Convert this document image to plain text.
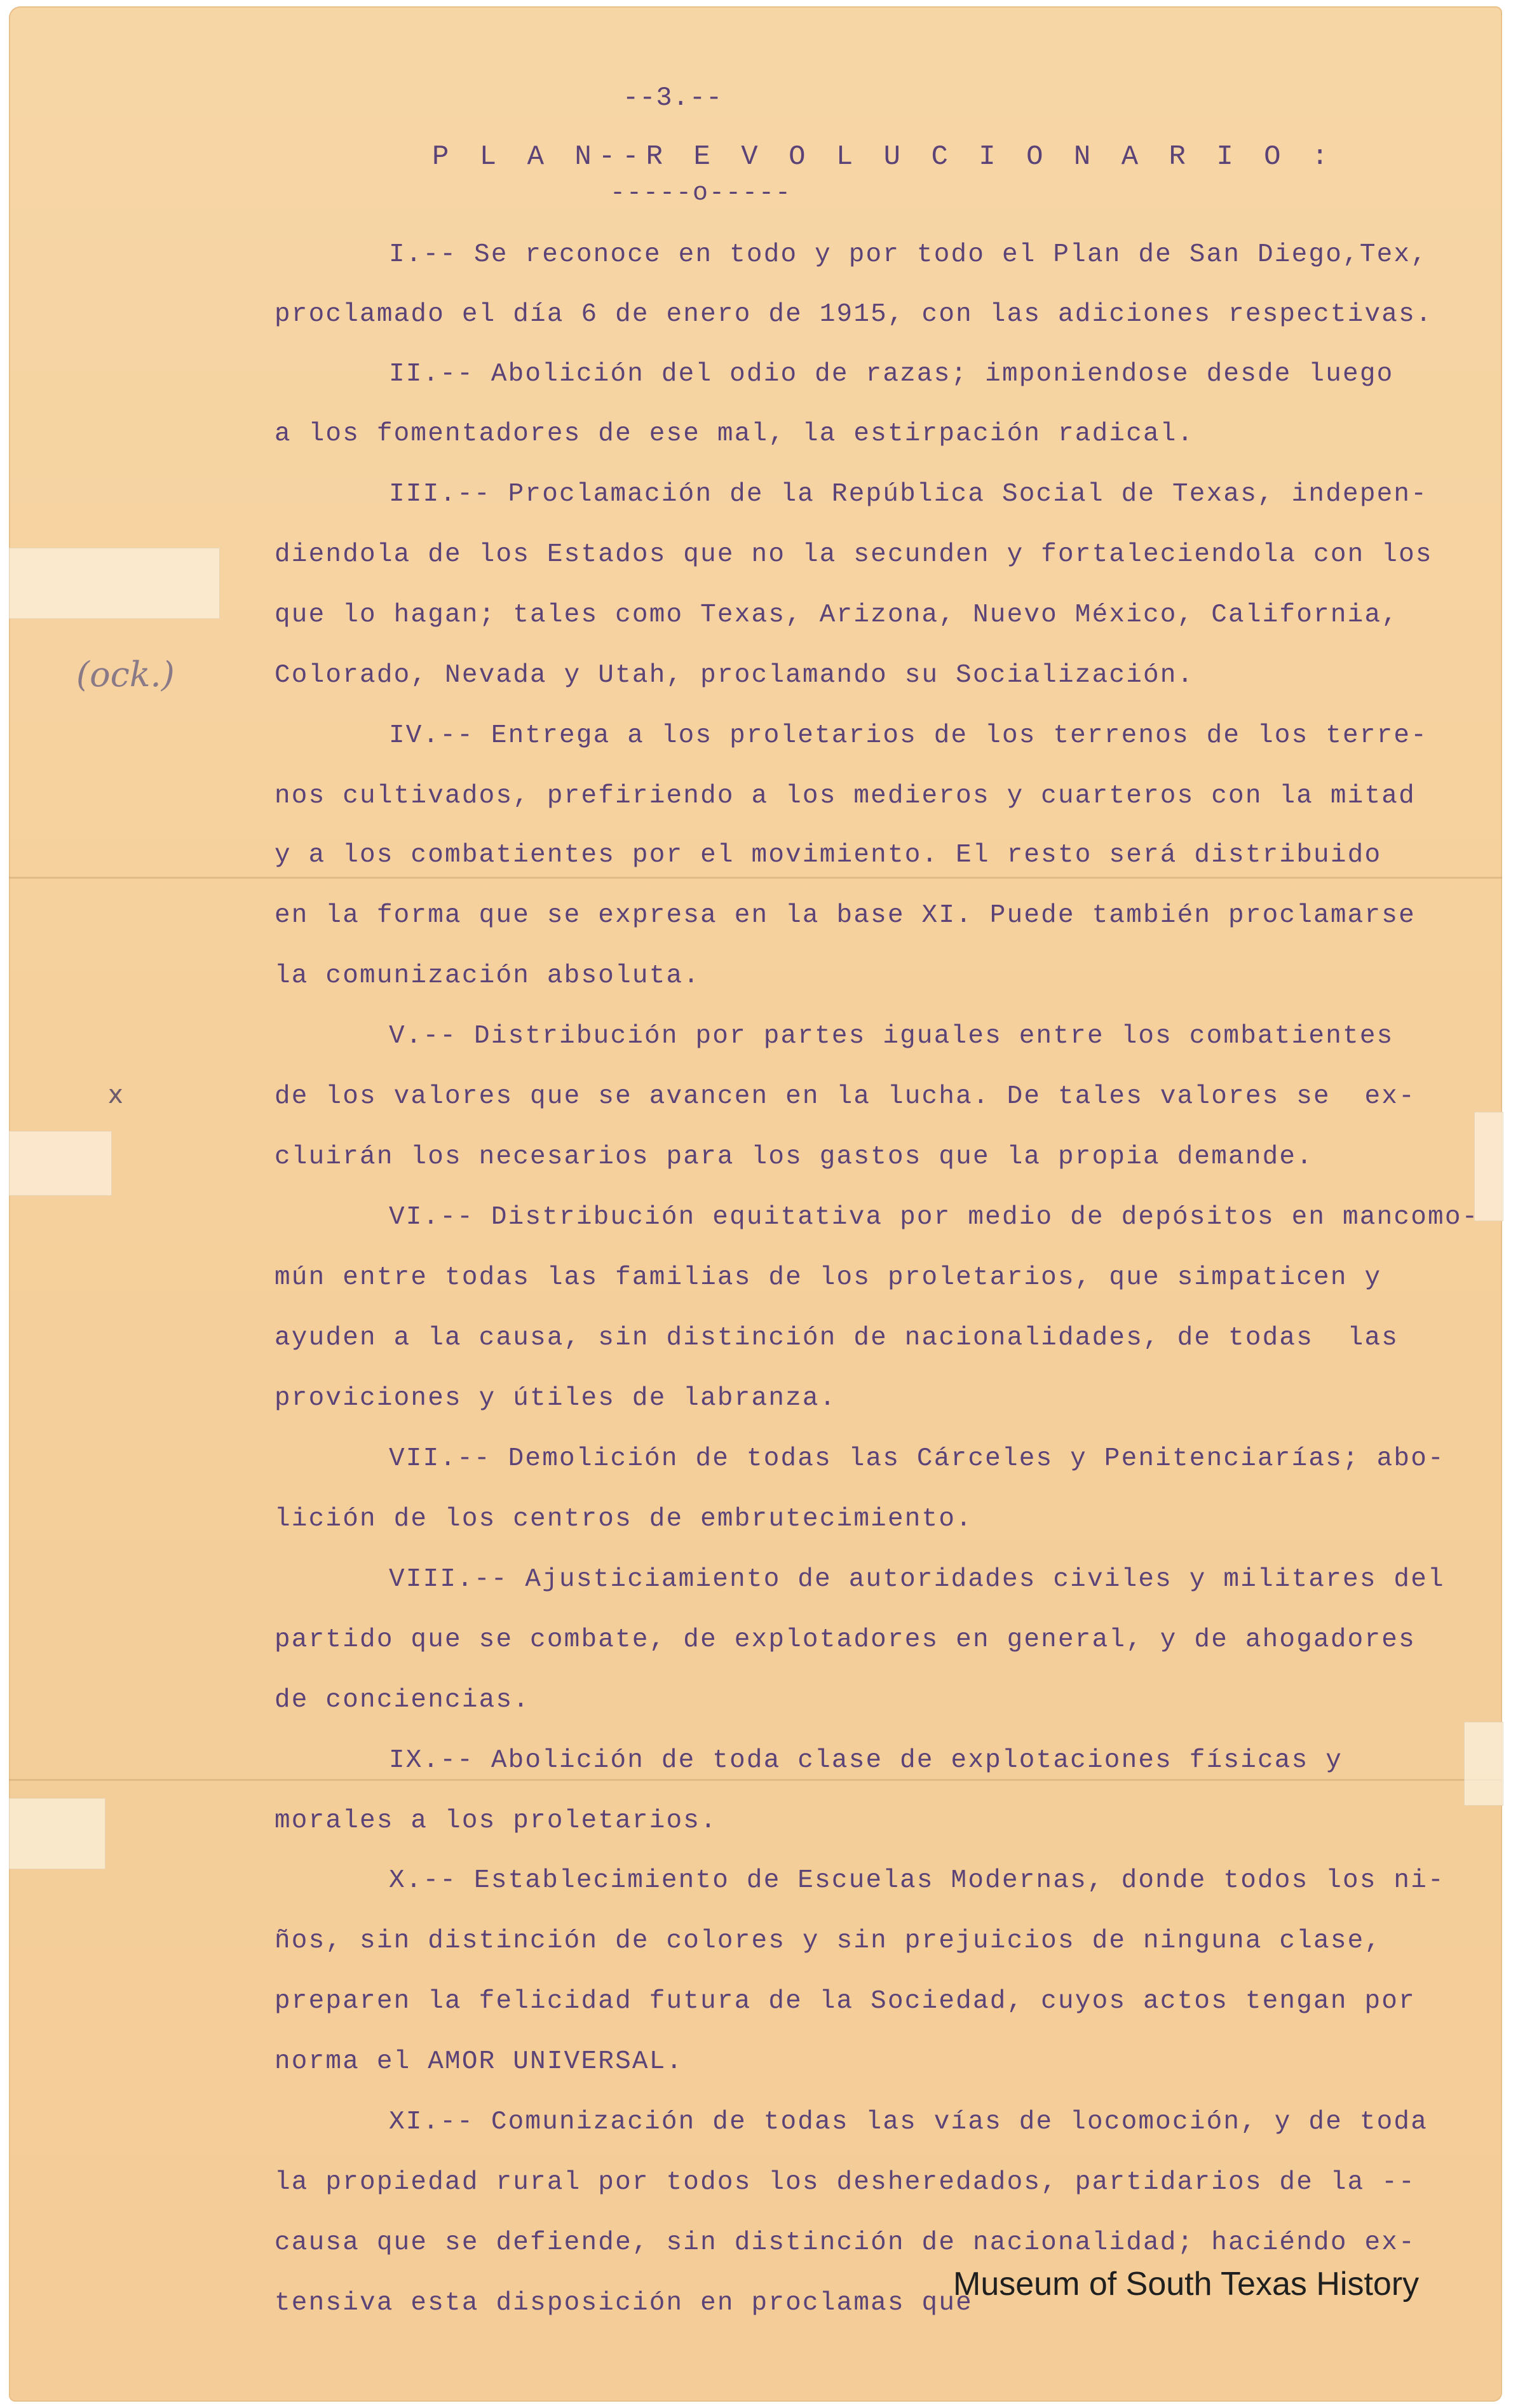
--3.--
P L A N--R E V O L U C I O N A R I O :
-----o-----
(ock.)
x
I.-- Se reconoce en todo y por todo el Plan de San Diego,Tex,
proclamado el día 6 de enero de 1915, con las adiciones respectivas.
II.-- Abolición del odio de razas; imponiendose desde luego
a los fomentadores de ese mal, la estirpación radical.
III.-- Proclamación de la República Social de Texas, indepen-
diendola de los Estados que no la secunden y fortaleciendola con los
que lo hagan; tales como Texas, Arizona, Nuevo México, California,
Colorado, Nevada y Utah, proclamando su Socialización.
IV.-- Entrega a los proletarios de los terrenos de los terre-
nos cultivados, prefiriendo a los medieros y cuarteros con la mitad
y a los combatientes por el movimiento. El resto será distribuido
en la forma que se expresa en la base XI. Puede también proclamarse
la comunización absoluta.
V.-- Distribución por partes iguales entre los combatientes
de los valores que se avancen en la lucha. De tales valores se  ex-
cluirán los necesarios para los gastos que la propia demande.
VI.-- Distribución equitativa por medio de depósitos en mancomo-
mún entre todas las familias de los proletarios, que simpaticen y
ayuden a la causa, sin distinción de nacionalidades, de todas  las
proviciones y útiles de labranza.
VII.-- Demolición de todas las Cárceles y Penitenciarías; abo-
lición de los centros de embrutecimiento.
VIII.-- Ajusticiamiento de autoridades civiles y militares del
partido que se combate, de explotadores en general, y de ahogadores
de conciencias.
IX.-- Abolición de toda clase de explotaciones físicas y
morales a los proletarios.
X.-- Establecimiento de Escuelas Modernas, donde todos los ni-
ños, sin distinción de colores y sin prejuicios de ninguna clase,
preparen la felicidad futura de la Sociedad, cuyos actos tengan por
norma el AMOR UNIVERSAL.
XI.-- Comunización de todas las vías de locomoción, y de toda
la propiedad rural por todos los desheredados, partidarios de la --
causa que se defiende, sin distinción de nacionalidad; haciéndo ex-
tensiva esta disposición en proclamas que
Museum of South Texas History
